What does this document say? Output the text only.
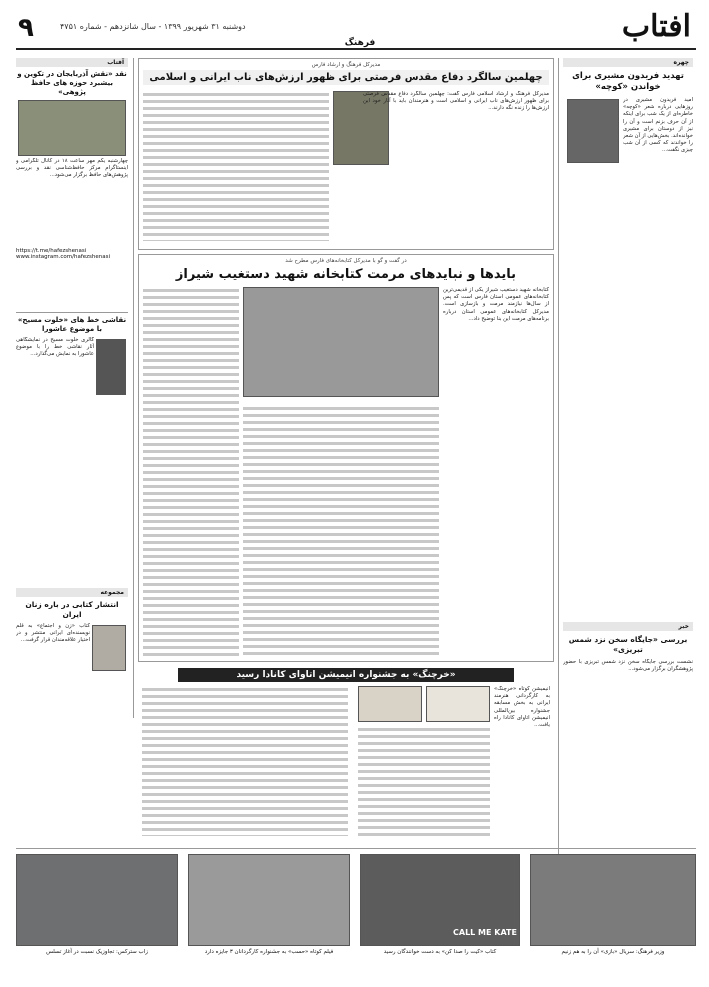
افتاب
۹	دوشنبه ۳۱ شهریور ۱۳۹۹ - سال شانزدهم - شماره ۴۷۵۱
فرهنگ
چهره
تهدید فریدون مشیری برای خواندن «کوچه»
امید فریدون مشیری در روزهایی درباره شعر «کوچه» خاطره‌ای از یک شب برای اینکه از آن حرف بزنم است و آن را نیز از دوستان برای مشیری خوانده‌اند. بخش‌هایی از آن شعر را خواندند که کسی از آن شب چیزی نگفت...
خبر
بررسی «جایگاه سخن نزد شمس تبریزی»
نشست بررسی جایگاه سخن نزد شمس تبریزی با حضور پژوهشگران برگزار می‌شود...
آفتاب
نقد «نقش آذربایجان در تکوین و بیشبرد حوزه های حافظ پژوهی»
چهارشنبه یکم مهر ساعت ۱۸ در کانال تلگرامی و اینستاگرام مرکز حافظ‌شناسی نقد و بررسی پژوهش‌های حافظ برگزار می‌شود...
https://t.me/hafezshenasi
www.instagram.com/hafezshenasi
نقاشی خط های «خلوت مسیح» با موضوع عاشورا
گالری خلوت مسیح در نمایشگاهی آثار نقاشی خط را با موضوع عاشورا به نمایش می‌گذارد...
مجموعه
انتشار کتابی در باره زنان ایران
کتاب «زن و اجتماع» به قلم نویسنده‌ای ایرانی منتشر و در اختیار علاقه‌مندان قرار گرفت...
مدیرکل فرهنگ و ارشاد فارس
چهلمین سالگرد دفاع مقدس فرصتی برای ظهور ارزش‌های ناب ایرانی و اسلامی
مدیرکل فرهنگ و ارشاد اسلامی فارس گفت: چهلمین سالگرد دفاع مقدس فرصتی برای ظهور ارزش‌های ناب ایرانی و اسلامی است و هنرمندان باید با آثار خود این ارزش‌ها را زنده نگه دارند...
در گفت و گو با مدیرکل کتابخانه‌های فارس مطرح شد
بایدها و نبایدهای مرمت کتابخانه شهید دستغیب شیراز
کتابخانه شهید دستغیب شیراز یکی از قدیمی‌ترین کتابخانه‌های عمومی استان فارس است که پس از سال‌ها نیازمند مرمت و بازسازی است. مدیرکل کتابخانه‌های عمومی استان درباره برنامه‌های مرمت این بنا توضیح داد...
«خرچنگ» به جشنواره انیمیشن اتاوای کانادا رسید
انیمیشن کوتاه «خرچنگ» به کارگردانی هنرمند ایرانی به بخش مسابقه جشنواره بین‌المللی انیمیشن اتاوای کانادا راه یافت...
زاب سترکس: تجاوزیک نسبت در آغاز تسلس	فیلم کوتاه «حسب» به جشنواره کارگردانان ۳ جایزه دارد
CALL ME KATE
کتاب «کیت را صدا کن» به دست خوانندگان رسید	وزیر فرهنگ: سریال «بازی» آن را به هم زنیم
